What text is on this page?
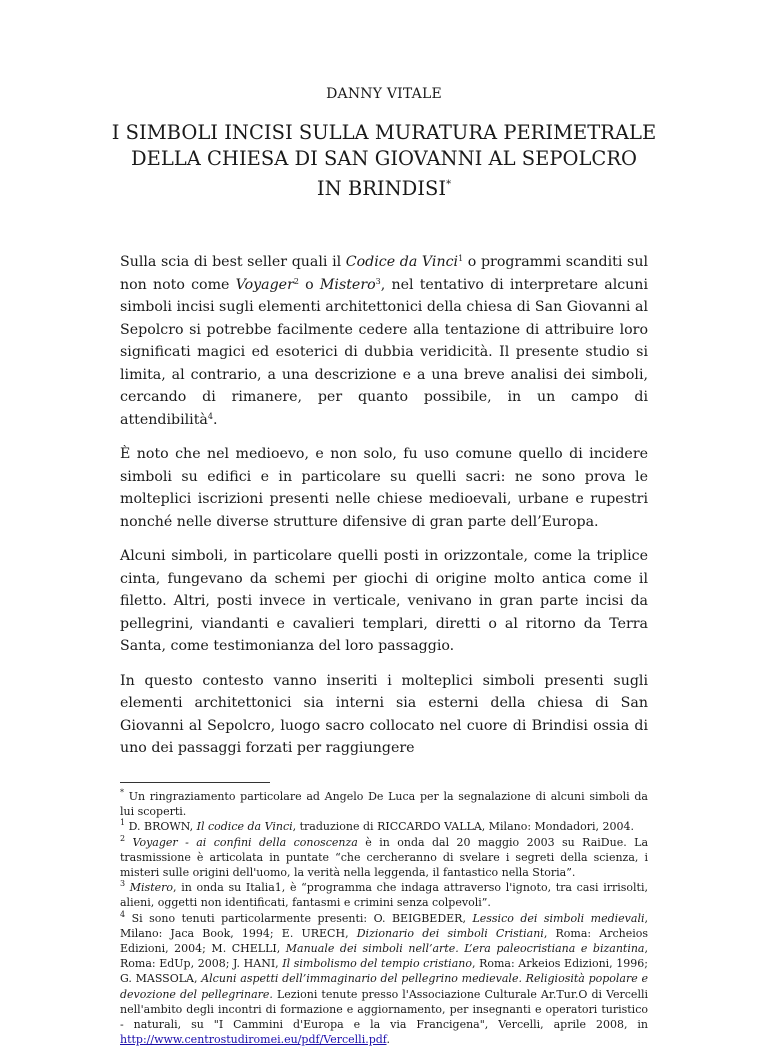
DANNY VITALE
I SIMBOLI INCISI SULLA MURATURA PERIMETRALE
DELLA CHIESA DI SAN GIOVANNI AL SEPOLCRO
IN BRINDISI*

Sulla scia di best seller quali il Codice da Vinci$^1$ o programmi scanditi sul non noto come Voyager$^2$ o Mistero$^3$, nel tentativo di interpretare alcuni simboli incisi sugli elementi architettonici della chiesa di San Giovanni al Sepolcro si potrebbe facilmente cedere alla tentazione di attribuire loro significati magici ed esoterici di dubbia veridicità. Il presente studio si limita, al contrario, a una descrizione e a una breve analisi dei simboli, cercando di rimanere, per quanto possibile, in un campo di attendibilità$^4$.

È noto che nel medioevo, e non solo, fu uso comune quello di incidere simboli su edifici e in particolare su quelli sacri: ne sono prova le molteplici iscrizioni presenti nelle chiese medioevali, urbane e rupestri nonché nelle diverse strutture difensive di gran parte dell’Europa.

Alcuni simboli, in particolare quelli posti in orizzontale, come la triplice cinta, fungevano da schemi per giochi di origine molto antica come il filetto. Altri, posti invece in verticale, venivano in gran parte incisi da pellegrini, viandanti e cavalieri templari, diretti o al ritorno da Terra Santa, come testimonianza del loro passaggio.

In questo contesto vanno inseriti i molteplici simboli presenti sugli elementi architettonici sia interni sia esterni della chiesa di San Giovanni al Sepolcro, luogo sacro collocato nel cuore di Brindisi ossia di uno dei passaggi forzati per raggiungere

* Un ringraziamento particolare ad Angelo De Luca per la segnalazione di alcuni simboli da lui scoperti.

$^1$ D. BROWN, Il codice da Vinci, traduzione di RICCARDO VALLA, Milano: Mondadori, 2004.

$^2$ Voyager - ai confini della conoscenza è in onda dal 20 maggio 2003 su RaiDue. La trasmissione è articolata in puntate “che cercheranno di svelare i segreti della scienza, i misteri sulle origini dell'uomo, la verità nella leggenda, il fantastico nella Storia”.

$^3$ Mistero, in onda su Italia1, è “programma che indaga attraverso l'ignoto, tra casi irrisolti, alieni, oggetti non identificati, fantasmi e crimini senza colpevoli”.

$^4$ Si sono tenuti particolarmente presenti: O. BEIGBEDER, Lessico dei simboli medievali, Milano: Jaca Book, 1994; E. URECH, Dizionario dei simboli Cristiani, Roma: Archeios Edizioni, 2004; M. CHELLI, Manuale dei simboli nell’arte. L’era paleocristiana e bizantina, Roma: EdUp, 2008; J. HANI, Il simbolismo del tempio cristiano, Roma: Arkeios Edizioni, 1996; G. MASSOLA, Alcuni aspetti dell’immaginario del pellegrino medievale. Religiosità popolare e devozione del pellegrinare. Lezioni tenute presso l'Associazione Culturale Ar.Tur.O di Vercelli nell'ambito degli incontri di formazione e aggiornamento, per insegnanti e operatori turistico - naturali, su "I Cammini d'Europa e la via Francigena", Vercelli, aprile 2008, in http://www.centrostudiromei.eu/pdf/Vercelli.pdf.
